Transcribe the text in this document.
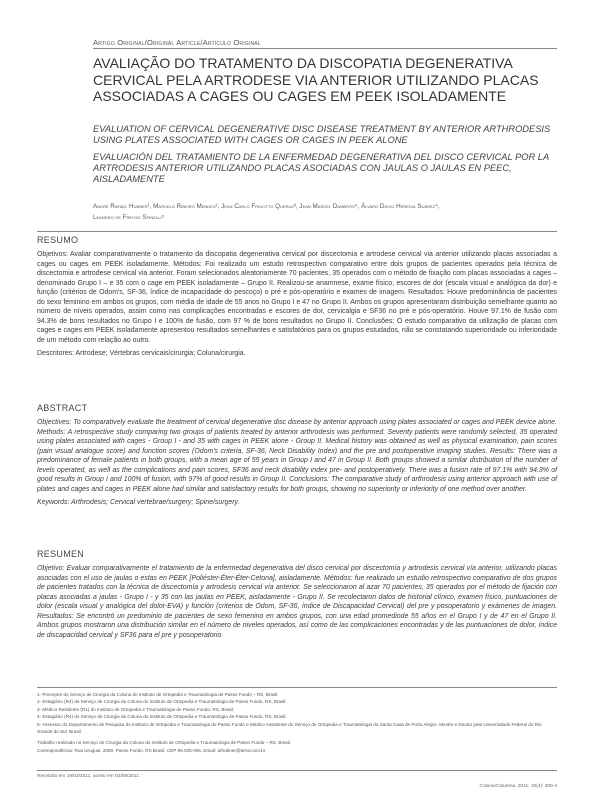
Artigo Original/Original Article/Artículo Original
AVALIAÇÃO DO TRATAMENTO DA DISCOPATIA DEGENERATIVA CERVICAL PELA ARTRODESE VIA ANTERIOR UTILIZANDO PLACAS ASSOCIADAS A CAGES OU CAGES EM PEEK ISOLADAMENTE
EVALUATION OF CERVICAL DEGENERATIVE DISC DISEASE TREATMENT BY ANTERIOR ARTHRODESIS USING PLATES ASSOCIATED WITH CAGES OR CAGES IN PEEK ALONE
EVALUACIÓN DEL TRATAMIENTO DE LA ENFERMEDAD DEGENERATIVA DEL DISCO CERVICAL POR LA ARTRODESIS ANTERIOR UTILIZANDO PLACAS ASOCIADAS CON JAULAS O JAULAS EN PEEC, AISLADAMENTE
André Rafael Hübner¹, Marcelo Ribeiro Mendes², Jean Carlo Frigotto Queruz³, Jean Marcel Dambrós⁴, Álvaro Diego Heredia Suárez⁴,
Leandro de Freitas Spinelli⁵
RESUMO
Objetivos: Avaliar comparativamente o tratamento da discopatia degenerativa cervical por discectomia e artrodese cervical via anterior utilizando placas associadas a cages ou cages em PEEK isoladamente. Métodos: Foi realizado um estudo retrospectivo comparativo entre dois grupos de pacientes operados pela técnica de discectomia e artrodese cervical via anterior. Foram selecionados aleatoriamente 70 pacientes, 35 operados com o método de fixação com placas associadas a cages – denominado Grupo I – e 35 com o cage em PEEK isoladamente – Grupo II. Realizou-se anamnese, exame físico, escores de dor (escala visual e analógica da dor) e função (critérios de Odom's, SF-36, índice de incapacidade do pescoço) o pré e pós-operatório e exames de imagem. Resultados: Houve predominância de pacientes do sexo feminino em ambos os grupos, com média de idade de 55 anos no Grupo I e 47 no Grupo II. Ambos os grupos apresentaram distribuição semelhante quanto ao número de níveis operados, assim como nas complicações encontradas e escores de dor, cervicalgia e SF36 no pré e pós-operatório. Houve 97.1% de fusão com 94.3% de bons resultados no Grupo I e 100% de fusão, com 97 % de bons resultados no Grupo II. Conclusões: O estudo comparativo da utilização de placas com cages e cages em PEEK isoladamente apresentou resultados semelhantes e satisfatórios para os grupos estudados, não se constatando superioridade ou inferioridade de um método com relação ao outro.
Descritores: Artrodese; Vértebras cervicais/cirurgia; Coluna/cirurgia.
ABSTRACT
Objectives: To comparatively evaluate the treatment of cervical degenerative disc disease by anterior approach using plates associated or cages and PEEK device alone. Methods: A retrospective study comparing two groups of patients treated by anterior arthrodesis was performed. Seventy patients were randomly selected, 35 operated using plates associated with cages - Group I - and 35 with cages in PEEK alone - Group II. Medical history was obtained as well as physical examination, pain scores (pain visual analogue score) and function scores (Odom's criteria, SF-36, Neck Disability Index) and the pre and postoperative imaging studies. Results: There was a predominance of female patients in both groups, with a mean age of 55 years in Group I and 47 in Group II. Both groups showed a similar distribution of the number of levels operated, as well as the complications and pain scores, SF36 and neck disability index pre- and postoperatively. There was a fusion rate of 97.1% with 94.3% of good results in Group I and 100% of fusion, with 97% of good results in Group II. Conclusions: The comparative study of arthrodesis using anterior approach with use of plates and cages and cages in PEEK alone had similar and satisfactory results for both groups, showing no superiority or inferiority of one method over another.
Keywords: Arthrodesis; Cervical vertebrae/surgery; Spine/surgery.
RESUMEN
Objetivo: Evaluar comparativamente el tratamiento de la enfermedad degenerativa del disco cervical por discectomía y artrodesis cervical vía anterior, utilizando placas asociadas con el uso de jaulas o estas en PEEK [Poliéster-Éter-Éter-Cetona], aisladamente. Métodos: fue realizado un estudio retrospectivo comparativo de dos grupos de pacientes tratados con la técnica de discectomía y artrodesis cervical vía anterior. Se seleccionaron al azar 70 pacientes, 35 operados por el método de fijación con placas asociadas a jaulas - Grupo I - y 35 con las jaulas en PEEK, aisladamente - Grupo II. Se recolectaron datos de historial clínico, examen físico, puntuaciones de dolor (escala visual y analógica del dolor-EVA) y función (criterios de Odom, SF-36, índice de Discapacidad Cervical) del pre y posoperatorio y exámenes de imagen. Resultados: Se encontró un predominio de pacientes de sexo femenino en ambos grupos, con una edad promediode 55 años en el Grupo I y de 47 en el Grupo II. Ambos grupos mostraron una distribución similar en el número de niveles operados, así como de las complicaciones encontradas y de las puntuaciones de dolor, índice de discapacidad cervical y SF36 para el pre y posoperatorio.
1- Preceptor do Serviço de Cirurgia da Coluna do Instituto de Ortopedia e Traumatologia de Passo Fundo – RS, Brasil.
2- Estagiário (R4) de Serviço de Cirurgia da Coluna do Instituto de Ortopedia e Traumatologia de Passo Fundo, RS, Brasil.
3- Médico Residente (R1) do Instituto de Ortopedia e Traumatologia de Passo Fundo, RS, Brasil.
4- Estagiário (R4) do Serviço de Cirurgia da Coluna do Instituto de Ortopedia e Traumatologia de Passo Fundo, RS, Brasil.
5- Assessor do Departamento de Pesquisa do Instituto de Ortopedia e Traumatologia de Passo Fundo e Médico Assistente do Serviço de Ortopedia e Traumatologia da Santa Casa de Porto Alegre. Mestre e Doutor pela Universidade Federal do Rio Grande do Sul. Brasil.
Trabalho realizado no Serviço de Cirurgia da Coluna do Instituto de Ortopedia e Traumatologia de Passo Fundo – RS, Brasil.
Correspondência: Rua Uruguai, 2050, Passo Fundo, RS Brasil. CEP 99.035-006. Email: arhubner@terra.com.br
Recebido em 19/03/2011, aceito em 03/08/2011.
Coluna/Columna. 2011; 10(4): 300-4
